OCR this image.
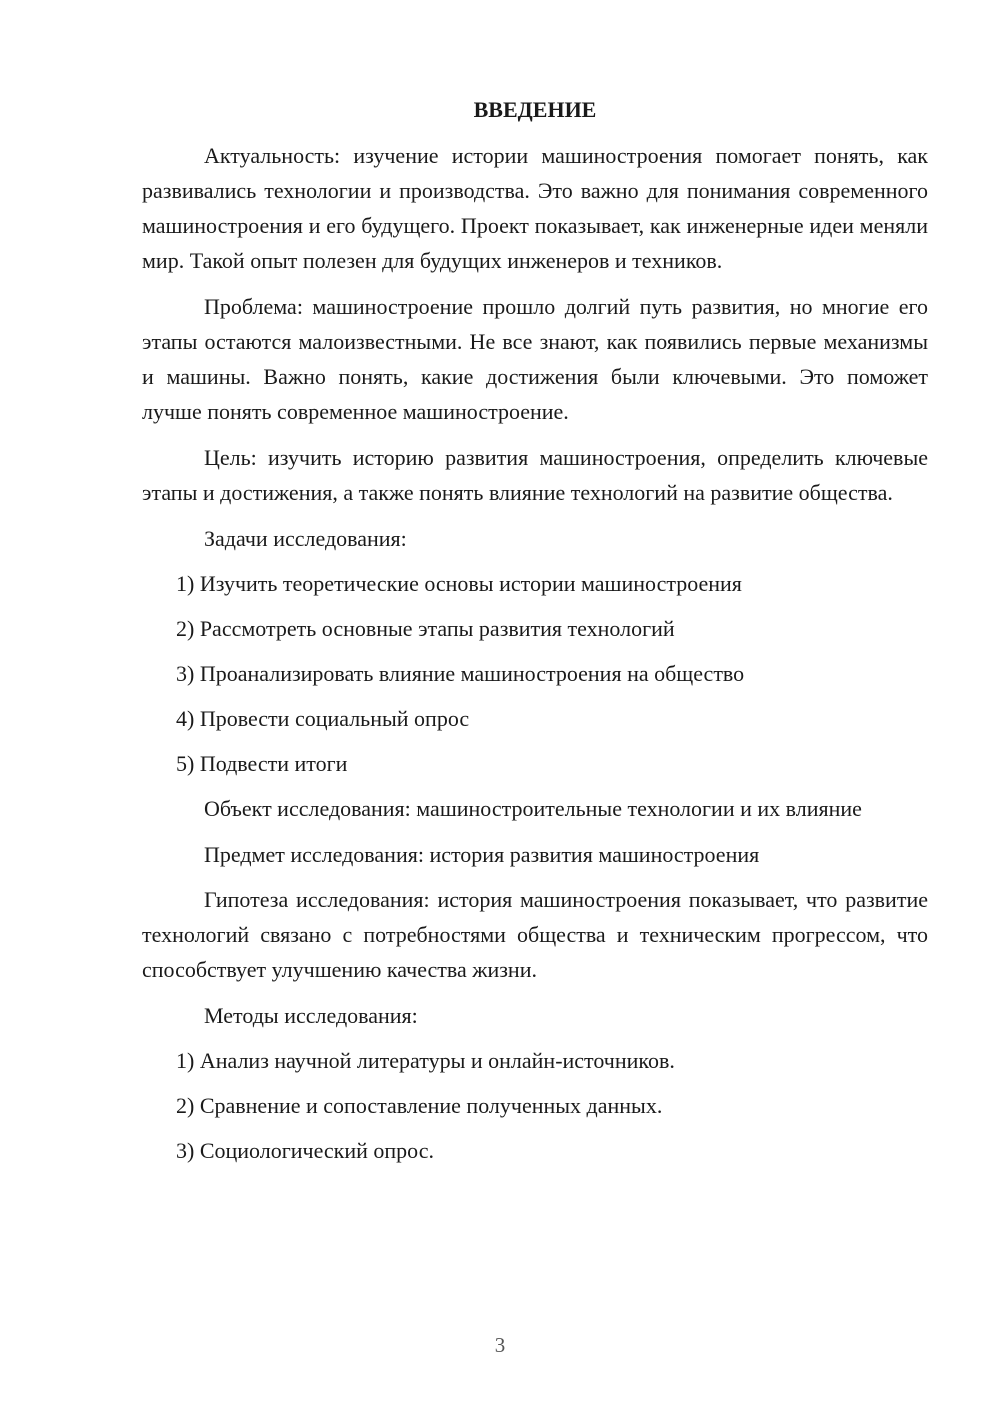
ВВЕДЕНИЕ

Актуальность: изучение истории машиностроения помогает понять, как развивались технологии и производства. Это важно для понимания современного машиностроения и его будущего. Проект показывает, как инженерные идеи меняли мир. Такой опыт полезен для будущих инженеров и техников.

Проблема: машиностроение прошло долгий путь развития, но многие его этапы остаются малоизвестными. Не все знают, как появились первые механизмы и машины. Важно понять, какие достижения были ключевыми. Это поможет лучше понять современное машиностроение.

Цель: изучить историю развития машиностроения, определить ключевые этапы и достижения, а также понять влияние технологий на развитие общества.

Задачи исследования:

1) Изучить теоретические основы истории машиностроения

2) Рассмотреть основные этапы развития технологий

3) Проанализировать влияние машиностроения на общество

4) Провести социальный опрос

5) Подвести итоги

Объект исследования: машиностроительные технологии и их влияние

Предмет исследования: история развития машиностроения

Гипотеза исследования: история машиностроения показывает, что развитие технологий связано с потребностями общества и техническим прогрессом, что способствует улучшению качества жизни.

Методы исследования:

1) Анализ научной литературы и онлайн-источников.

2) Сравнение и сопоставление полученных данных.

3) Социологический опрос.

3
